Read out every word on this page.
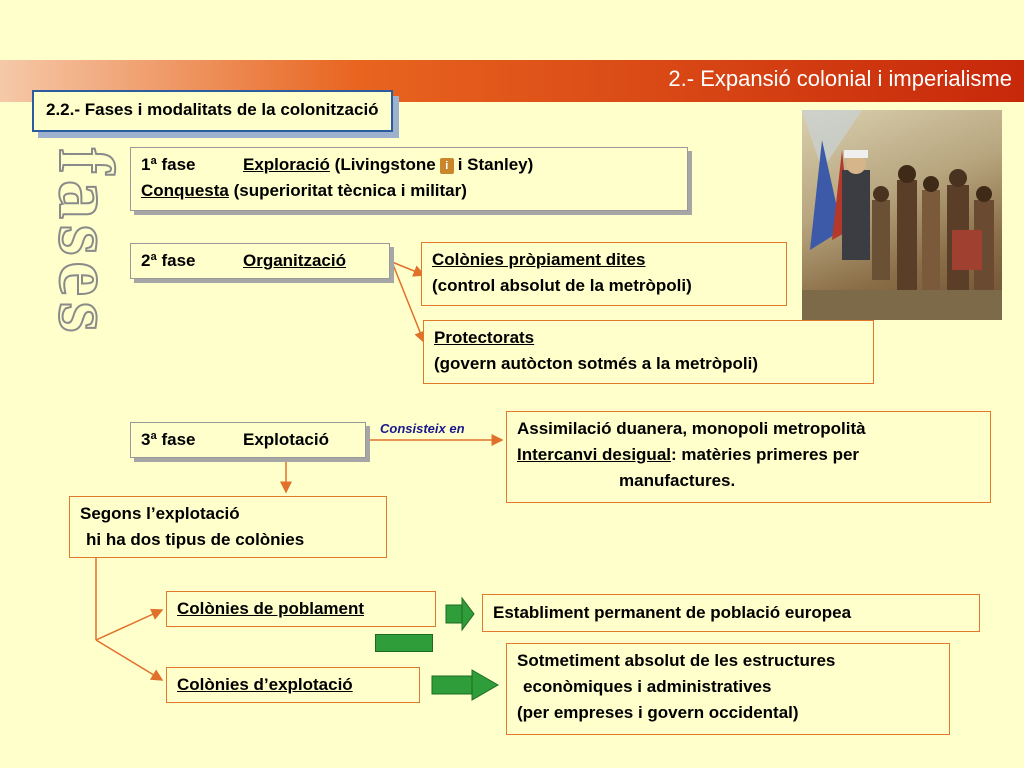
2.- Expansió colonial i imperialisme
2.2.- Fases i modalitats de la colonització
fases 1ª fase	Exploració (Livingstone i i Stanley)
Conquesta (superioritat tècnica i militar)
2ª fase	Organització	Colònies pròpiament dites
(control absolut de la metròpoli)
Protectorats
(govern autòcton sotmés a la metròpoli)
3ª fase	Explotació
Consisteix en	Assimilació duanera, monopoli metropolità
Intercanvi desigual: matèries primeres per
manufactures.
Segons l’explotació
hi ha dos tipus de colònies
Colònies de poblament	Establiment permanent de població europea
Colònies d’explotació
Sotmetiment absolut de les estructures
econòmiques i administratives
(per empreses i govern occidental)
